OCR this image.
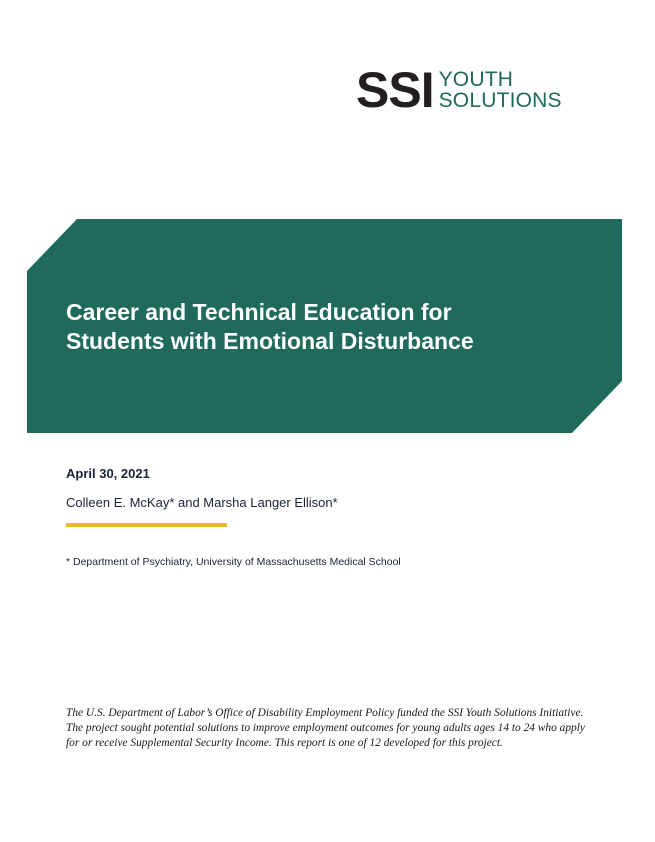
SSI YOUTH
SOLUTIONS
Career and Technical Education for
Students with Emotional Disturbance
April 30, 2021
Colleen E. McKay* and Marsha Langer Ellison*
* Department of Psychiatry, University of Massachusetts Medical School
The U.S. Department of Labor’s Office of Disability Employment Policy funded the SSI Youth Solutions Initiative. The project sought potential solutions to improve employment outcomes for young adults ages 14 to 24 who apply for or receive Supplemental Security Income. This report is one of 12 developed for this project.
